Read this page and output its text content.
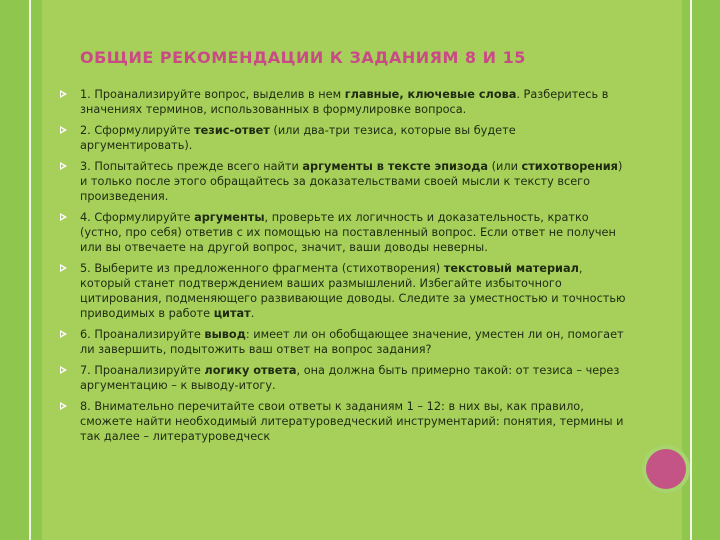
ОБЩИЕ РЕКОМЕНДАЦИИ К ЗАДАНИЯМ 8 И 15
1. Проанализируйте вопрос, выделив в нем главные, ключевые слова. Разберитесь в значениях терминов, использованных в формулировке вопроса.
2. Сформулируйте тезис-ответ (или два-три тезиса, которые вы будете аргументировать).
3. Попытайтесь прежде всего найти аргументы в тексте эпизода (или стихотворения) и только после этого обращайтесь за доказательствами своей мысли к тексту всего произведения.
4. Сформулируйте аргументы, проверьте их логичность и доказательность, кратко (устно, про себя) ответив с их помощью на поставленный вопрос. Если ответ не получен или вы отвечаете на другой вопрос, значит, ваши доводы неверны.
5. Выберите из предложенного фрагмента (стихотворения) текстовый материал, который станет подтверждением ваших размышлений. Избегайте избыточного цитирования, подменяющего развивающие доводы. Следите за уместностью и точностью приводимых в работе цитат.
6. Проанализируйте вывод: имеет ли он обобщающее значение, уместен ли он, помогает ли завершить, подытожить ваш ответ на вопрос задания?
7. Проанализируйте логику ответа, она должна быть примерно такой: от тезиса – через аргументацию – к выводу-итогу.
8. Внимательно перечитайте свои ответы к заданиям 1 – 12: в них вы, как правило, сможете найти необходимый литературоведческий инструментарий: понятия, термины и так далее – литературоведческ
